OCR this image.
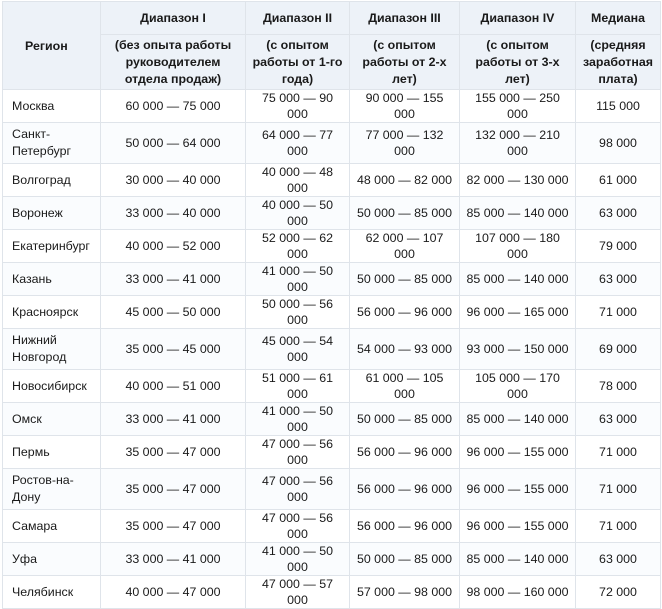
Регион	Диапазон I	Диапазон II	Диапазон III	Диапазон IV	Медиана
	(без опыта работы руководителем отдела продаж)	(с опытом работы от 1-го года)	(с опытом работы от 2-х лет)	(с опытом работы от 3-х лет)	(средняя заработная плата)
Москва	60 000 — 75 000	75 000 — 90 000	90 000 — 155 000	155 000 — 250 000	115 000
Санкт-Петербург	50 000 — 64 000	64 000 — 77 000	77 000 — 132 000	132 000 — 210 000	98 000
Волгоград	30 000 — 40 000	40 000 — 48 000	48 000 — 82 000	82 000 — 130 000	61 000
Воронеж	33 000 — 40 000	40 000 — 50 000	50 000 — 85 000	85 000 — 140 000	63 000
Екатеринбург	40 000 — 52 000	52 000 — 62 000	62 000 — 107 000	107 000 — 180 000	79 000
Казань	33 000 — 41 000	41 000 — 50 000	50 000 — 85 000	85 000 — 140 000	63 000
Красноярск	45 000 — 50 000	50 000 — 56 000	56 000 — 96 000	96 000 — 165 000	71 000
Нижний Новгород	35 000 — 45 000	45 000 — 54 000	54 000 — 93 000	93 000 — 150 000	69 000
Новосибирск	40 000 — 51 000	51 000 — 61 000	61 000 — 105 000	105 000 — 170 000	78 000
Омск	33 000 — 41 000	41 000 — 50 000	50 000 — 85 000	85 000 — 140 000	63 000
Пермь	35 000 — 47 000	47 000 — 56 000	56 000 — 96 000	96 000 — 155 000	71 000
Ростов-на-Дону	35 000 — 47 000	47 000 — 56 000	56 000 — 96 000	96 000 — 155 000	71 000
Самара	35 000 — 47 000	47 000 — 56 000	56 000 — 96 000	96 000 — 155 000	71 000
Уфа	33 000 — 41 000	41 000 — 50 000	50 000 — 85 000	85 000 — 140 000	63 000
Челябинск	40 000 — 47 000	47 000 — 57 000	57 000 — 98 000	98 000 — 160 000	72 000
